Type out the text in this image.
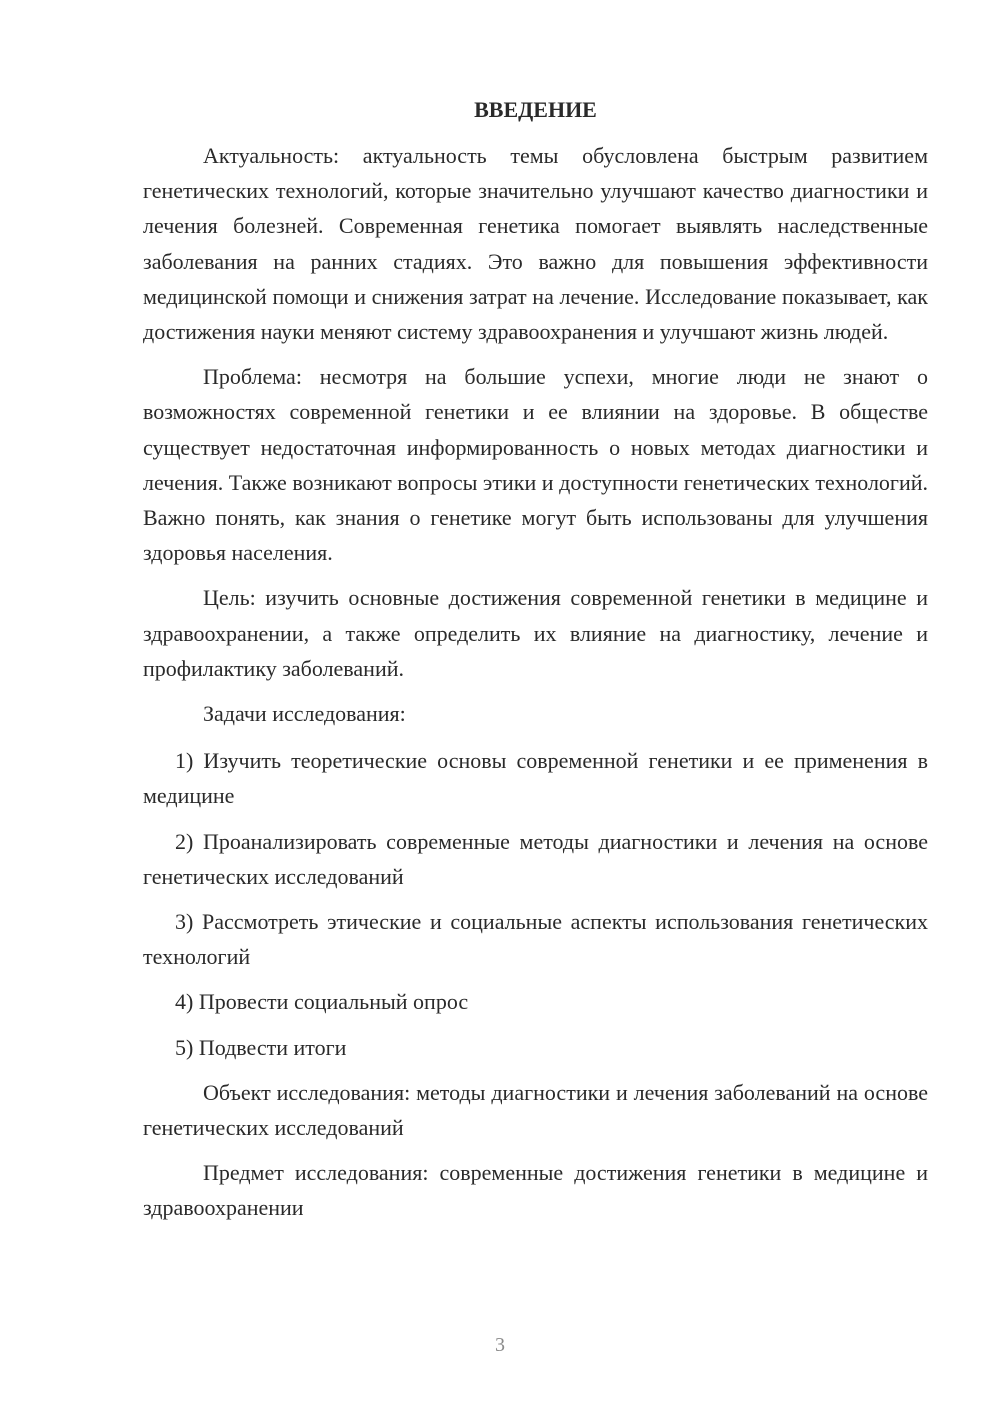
ВВЕДЕНИЕ
Актуальность: актуальность темы обусловлена быстрым развитием генетических технологий, которые значительно улучшают качество диагностики и лечения болезней. Современная генетика помогает выявлять наследственные заболевания на ранних стадиях. Это важно для повышения эффективности медицинской помощи и снижения затрат на лечение. Исследование показывает, как достижения науки меняют систему здравоохранения и улучшают жизнь людей.
Проблема: несмотря на большие успехи, многие люди не знают о возможностях современной генетики и ее влиянии на здоровье. В обществе существует недостаточная информированность о новых методах диагностики и лечения. Также возникают вопросы этики и доступности генетических технологий. Важно понять, как знания о генетике могут быть использованы для улучшения здоровья населения.
Цель: изучить основные достижения современной генетики в медицине и здравоохранении, а также определить их влияние на диагностику, лечение и профилактику заболеваний.
Задачи исследования:
1) Изучить теоретические основы современной генетики и ее применения в медицине
2) Проанализировать современные методы диагностики и лечения на основе генетических исследований
3) Рассмотреть этические и социальные аспекты использования генетических технологий
4) Провести социальный опрос
5) Подвести итоги
Объект исследования: методы диагностики и лечения заболеваний на основе генетических исследований
Предмет исследования: современные достижения генетики в медицине и здравоохранении
3
